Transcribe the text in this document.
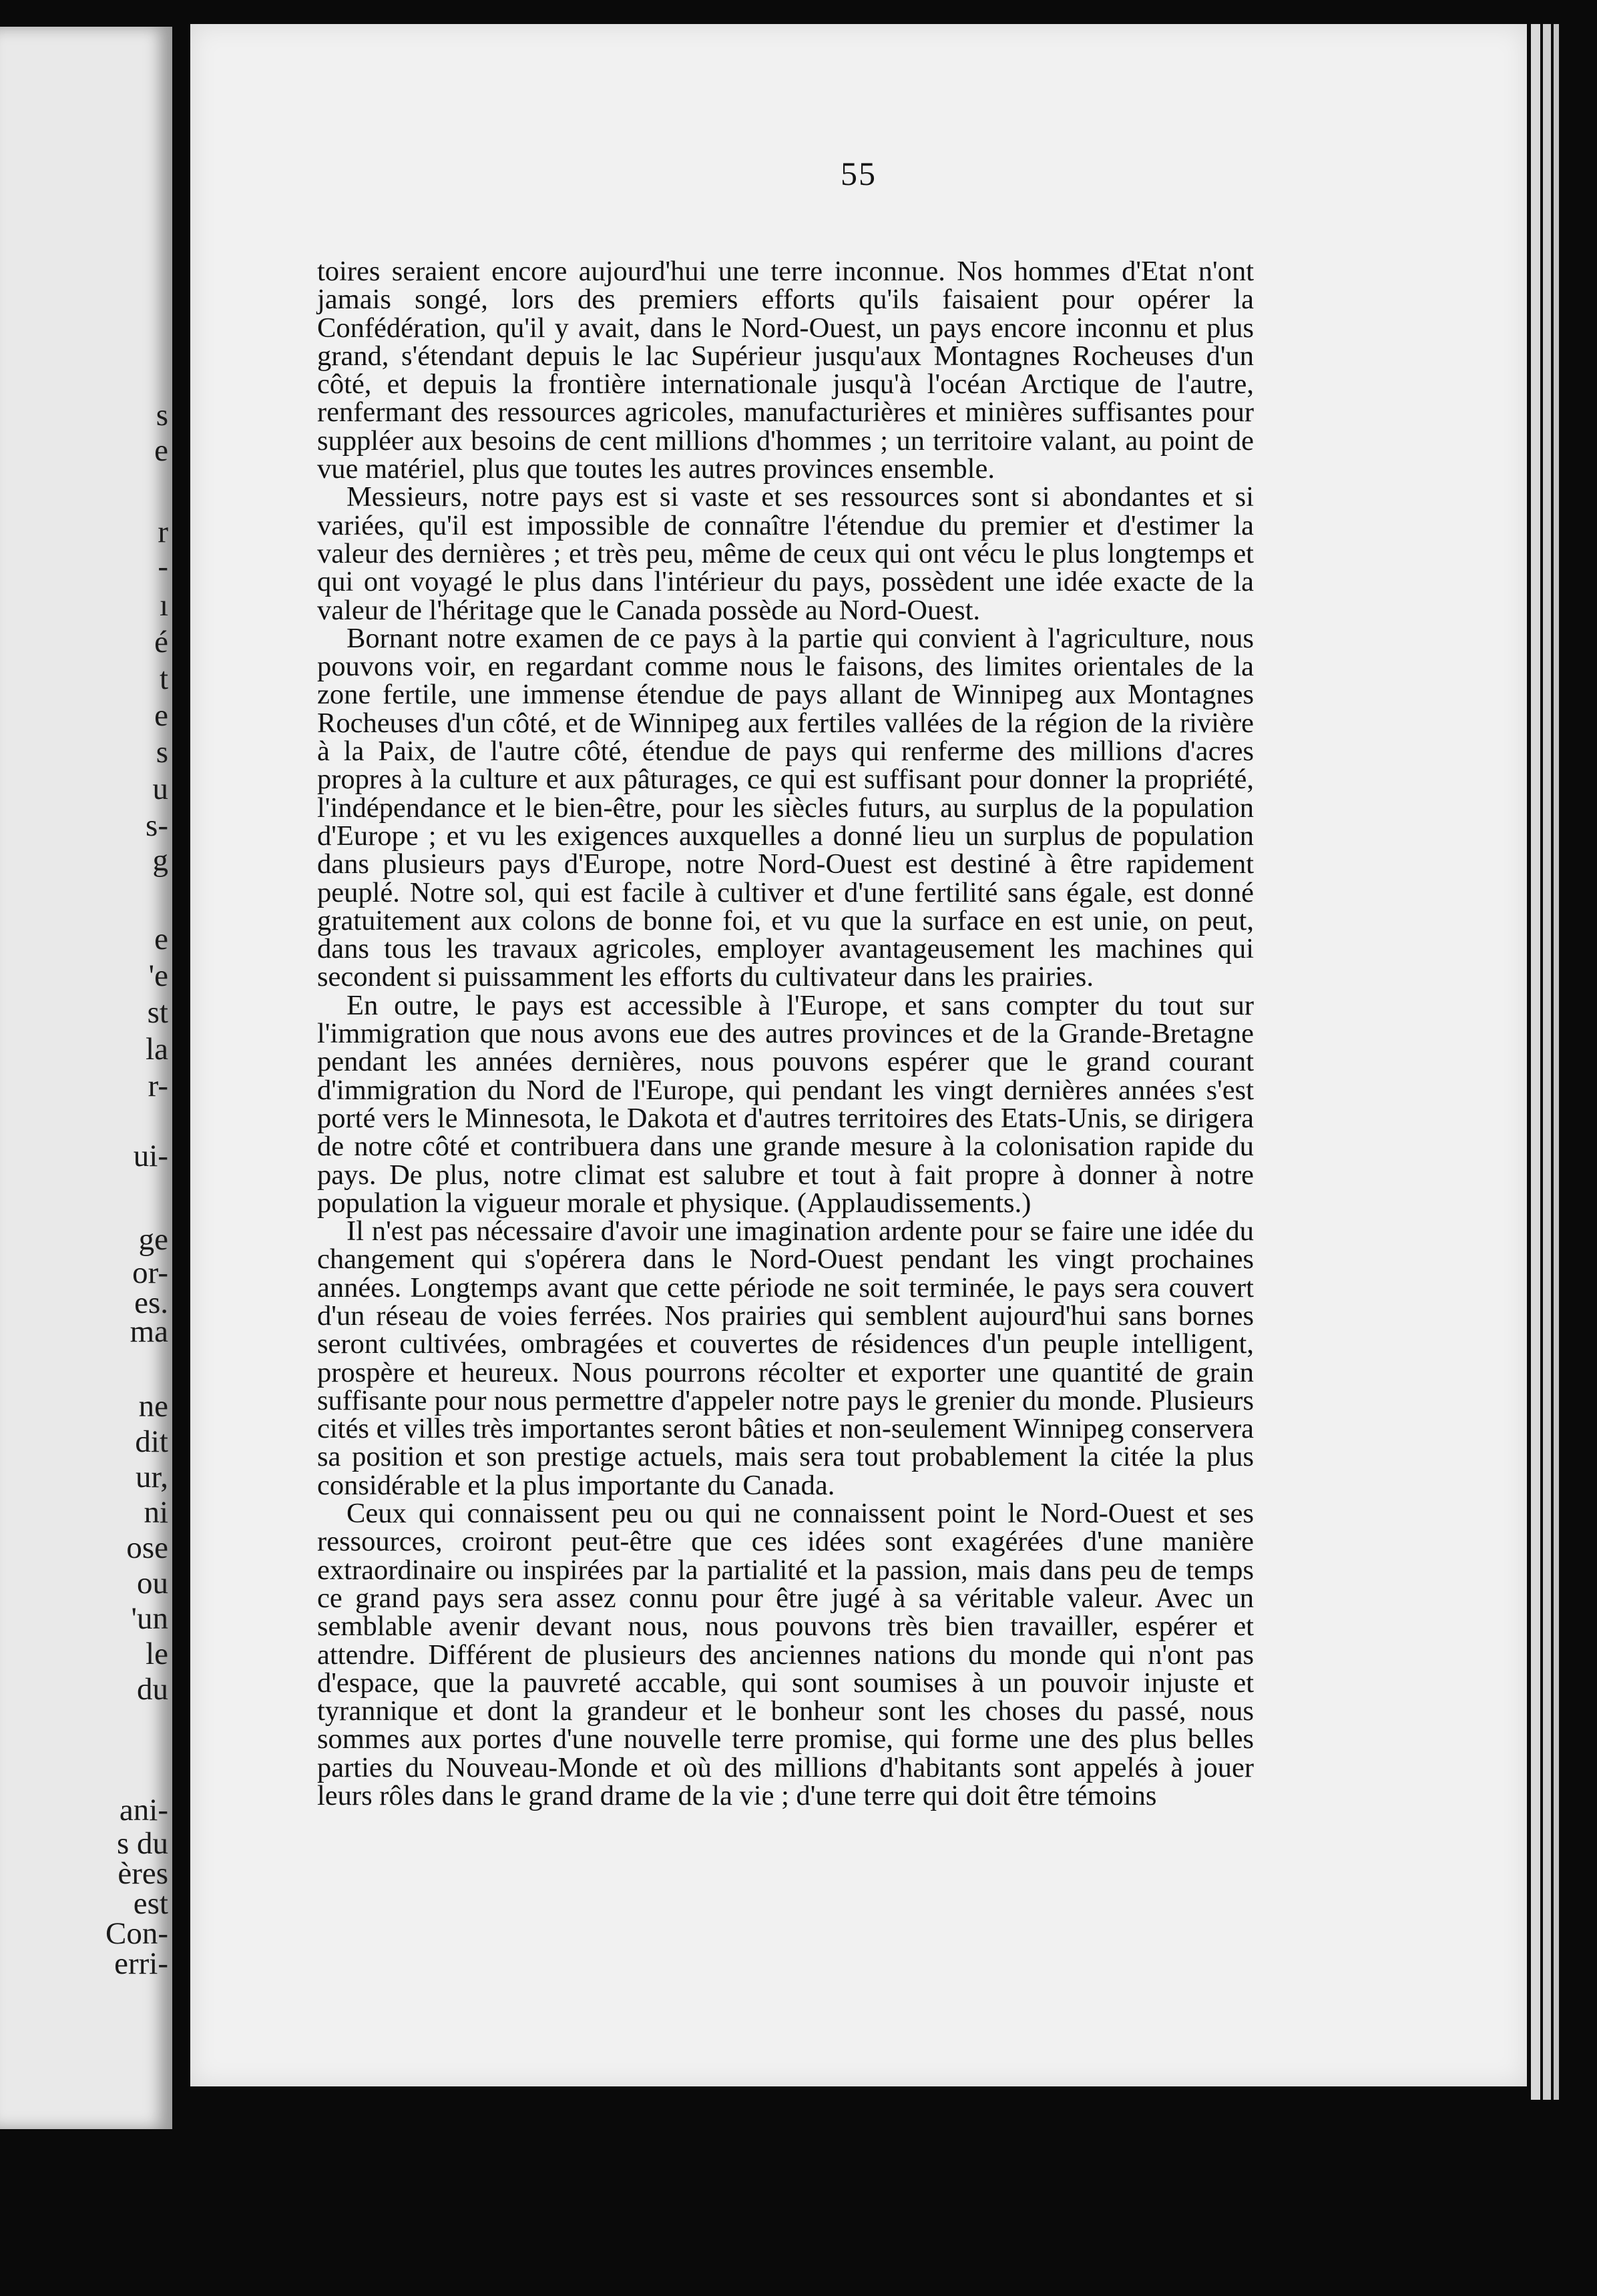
s
e
r
-
ı
é
t
e
s
u
s-
g
e
'e
st
la
r-
ui-
ge
or-
es.
ma
ne
dit
ur,
ni
ose
ou
'un
le
du
ani-
s du
ères
est
Con-
erri-
55

toires seraient encore aujourd'hui une terre inconnue. Nos hommes d'Etat n'ont jamais songé, lors des premiers efforts qu'ils faisaient pour opérer la Confédération, qu'il y avait, dans le Nord-Ouest, un pays encore inconnu et plus grand, s'étendant depuis le lac Supérieur jusqu'aux Montagnes Rocheuses d'un côté, et depuis la frontière internationale jusqu'à l'océan Arctique de l'autre, renfermant des ressources agricoles, manufacturières et minières suffisantes pour suppléer aux besoins de cent millions d'hommes ; un territoire valant, au point de vue matériel, plus que toutes les autres provinces ensemble.

Messieurs, notre pays est si vaste et ses ressources sont si abondantes et si variées, qu'il est impossible de connaître l'étendue du premier et d'estimer la valeur des dernières ; et très peu, même de ceux qui ont vécu le plus longtemps et qui ont voyagé le plus dans l'intérieur du pays, possèdent une idée exacte de la valeur de l'héritage que le Canada possède au Nord-Ouest.

Bornant notre examen de ce pays à la partie qui convient à l'agriculture, nous pouvons voir, en regardant comme nous le faisons, des limites orientales de la zone fertile, une immense étendue de pays allant de Winnipeg aux Montagnes Rocheuses d'un côté, et de Winnipeg aux fertiles vallées de la région de la rivière à la Paix, de l'autre côté, étendue de pays qui renferme des millions d'acres propres à la culture et aux pâturages, ce qui est suffisant pour donner la propriété, l'indépendance et le bien-être, pour les siècles futurs, au surplus de la population d'Europe ; et vu les exigences auxquelles a donné lieu un surplus de population dans plusieurs pays d'Europe, notre Nord-Ouest est destiné à être rapidement peuplé. Notre sol, qui est facile à cultiver et d'une fertilité sans égale, est donné gratuitement aux colons de bonne foi, et vu que la surface en est unie, on peut, dans tous les travaux agricoles, employer avantageusement les machines qui secondent si puissamment les efforts du cultivateur dans les prairies.

En outre, le pays est accessible à l'Europe, et sans compter du tout sur l'immigration que nous avons eue des autres provinces et de la Grande-Bretagne pendant les années dernières, nous pouvons espérer que le grand courant d'immigration du Nord de l'Europe, qui pendant les vingt dernières années s'est porté vers le Minnesota, le Dakota et d'autres territoires des Etats-Unis, se dirigera de notre côté et contribuera dans une grande mesure à la colonisation rapide du pays. De plus, notre climat est salubre et tout à fait propre à donner à notre population la vigueur morale et physique. (Applaudissements.)

Il n'est pas nécessaire d'avoir une imagination ardente pour se faire une idée du changement qui s'opérera dans le Nord-Ouest pendant les vingt prochaines années. Longtemps avant que cette période ne soit terminée, le pays sera couvert d'un réseau de voies ferrées. Nos prairies qui semblent aujourd'hui sans bornes seront cultivées, ombragées et couvertes de résidences d'un peuple intelligent, prospère et heureux. Nous pourrons récolter et exporter une quantité de grain suffisante pour nous permettre d'appeler notre pays le grenier du monde. Plusieurs cités et villes très importantes seront bâties et non-seulement Winnipeg conservera sa position et son prestige actuels, mais sera tout probablement la citée la plus considérable et la plus importante du Canada.

Ceux qui connaissent peu ou qui ne connaissent point le Nord-Ouest et ses ressources, croiront peut-être que ces idées sont exagérées d'une manière extraordinaire ou inspirées par la partialité et la passion, mais dans peu de temps ce grand pays sera assez connu pour être jugé à sa véritable valeur. Avec un semblable avenir devant nous, nous pouvons très bien travailler, espérer et attendre. Différent de plusieurs des anciennes nations du monde qui n'ont pas d'espace, que la pauvreté accable, qui sont soumises à un pouvoir injuste et tyrannique et dont la grandeur et le bonheur sont les choses du passé, nous sommes aux portes d'une nouvelle terre promise, qui forme une des plus belles parties du Nouveau-Monde et où des millions d'habitants sont appelés à jouer leurs rôles dans le grand drame de la vie ; d'une terre qui doit être témoins
